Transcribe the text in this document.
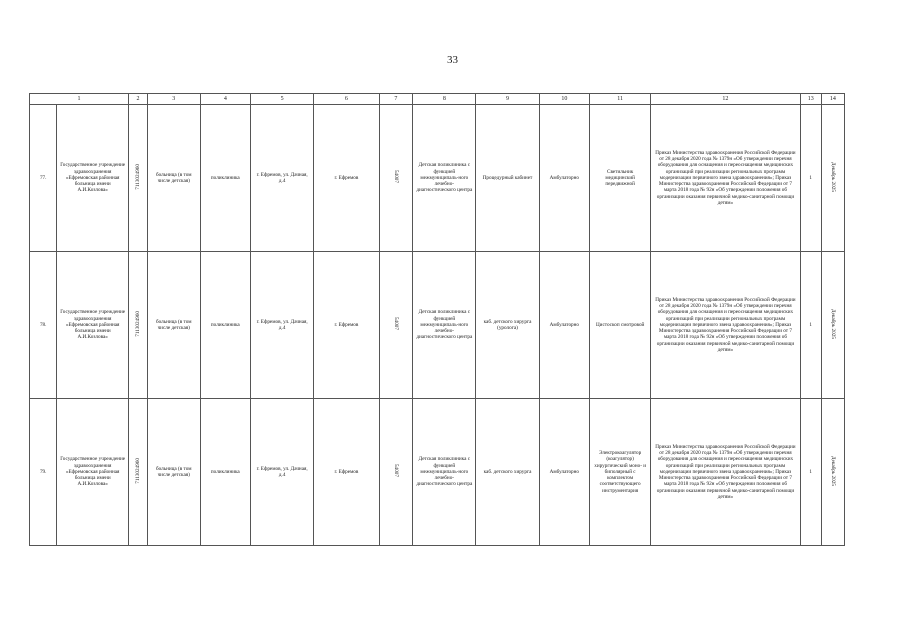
33
1		2	3	4	5	6	7	8	9	10	11	12	13	14
77.	Государственное учреждение здравоохранения «Ефремовская районная больница имени А.И.Козлова»	7113024960	больница (в том числе детская)	поликлиника	г. Ефремов, ул. Дачная, д.4	г. Ефремов	54007	Детская поликлиника с функцией межмуниципаль-ного лечебно-диагностического центра	Процедурный кабинет	Амбулаторно	Светильник медицинский передвижной	Приказ Министерства здравоохранения Российской Федерации от 28 декабря 2020 года № 1379н «Об утверждении перечня оборудования для оснащения и переоснащения медицинских организаций при реализации региональных программ модернизации первичного звена здравоохранения»; Приказ Министерства здравоохранения Российской Федерации от 7 марта 2018 года № 92н «Об утверждении положения об организации оказания первичной медико-санитарной помощи детям»	1	Декабрь 2025
78.	Государственное учреждение здравоохранения «Ефремовская районная больница имени А.И.Козлова»	7113024960	больница (в том числе детская)	поликлиника	г. Ефремов, ул. Дачная, д.4	г. Ефремов	54007	Детская поликлиника с функцией межмуниципаль-ного лечебно-диагностического центра	каб. детского хирурга (уролога)	Амбулаторно	Цистоскоп смотровой	Приказ Министерства здравоохранения Российской Федерации от 28 декабря 2020 года № 1379н «Об утверждении перечня оборудования для оснащения и переоснащения медицинских организаций при реализации региональных программ модернизации первичного звена здравоохранения»; Приказ Министерства здравоохранения Российской Федерации от 7 марта 2018 года № 92н «Об утверждении положения об организации оказания первичной медико-санитарной помощи детям»	1	Декабрь 2025
79.	Государственное учреждение здравоохранения «Ефремовская районная больница имени А.И.Козлова»	7113024960	больница (в том числе детская)	поликлиника	г. Ефремов, ул. Дачная, д.4	г. Ефремов	54007	Детская поликлиника с функцией межмуниципаль-ного лечебно-диагностического центра	каб. детского хирурга	Амбулаторно	Электрокоагулятор (коагулятор) хирургический моно- и биполярный с комплектом соответствующего инструментария	Приказ Министерства здравоохранения Российской Федерации от 28 декабря 2020 года № 1379н «Об утверждении перечня оборудования для оснащения и переоснащения медицинских организаций при реализации региональных программ модернизации первичного звена здравоохранения»; Приказ Министерства здравоохранения Российской Федерации от 7 марта 2018 года № 92н «Об утверждении положения об организации оказания первичной медико-санитарной помощи детям»	1	Декабрь 2025
